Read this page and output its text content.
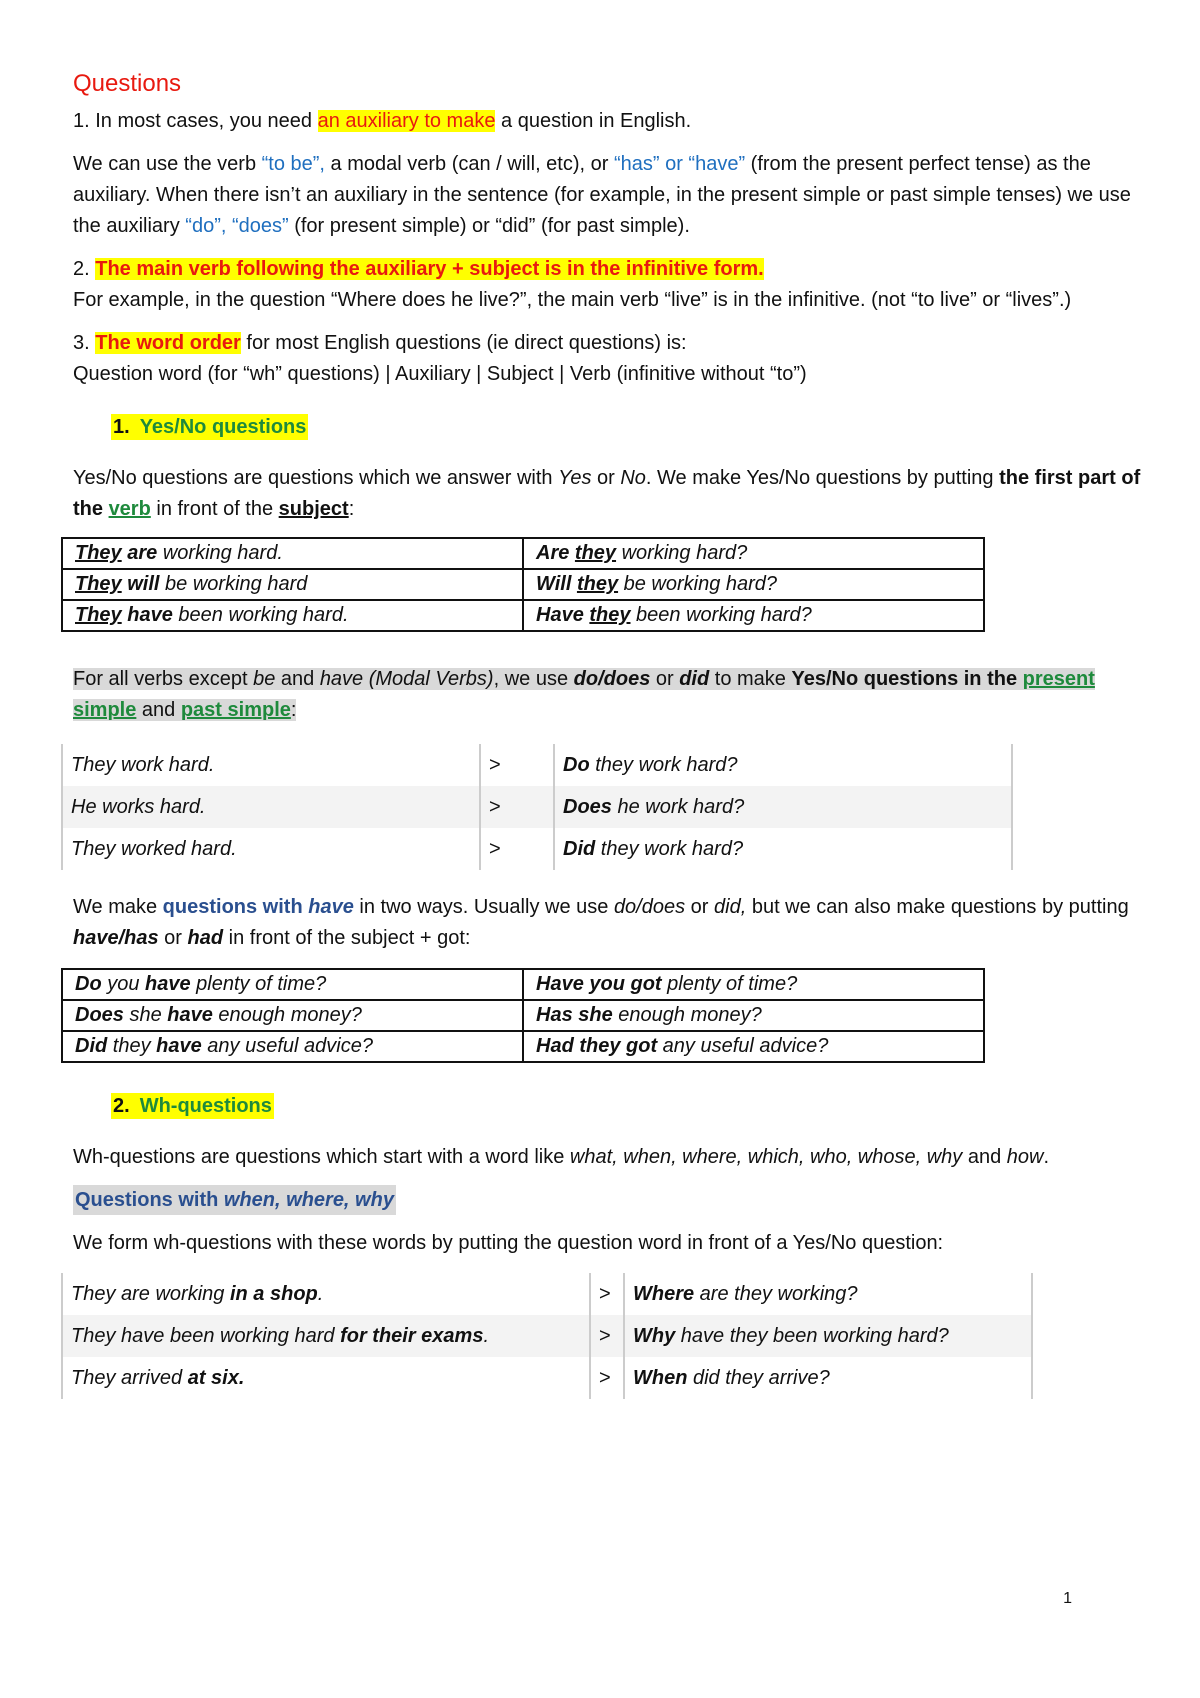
Questions

1. In most cases, you need an auxiliary to make a question in English.

We can use the verb “to be”, a modal verb (can / will, etc), or “has” or “have” (from the present perfect tense) as the auxiliary. When there isn’t an auxiliary in the sentence (for example, in the present simple or past simple tenses) we use the auxiliary “do”, “does” (for present simple) or “did” (for past simple).

2. The main verb following the auxiliary + subject is in the infinitive form.
For example, in the question “Where does he live?”, the main verb “live” is in the infinitive. (not “to live” or “lives”.)

3. The word order for most English questions (ie direct questions) is:
Question word (for “wh” questions) | Auxiliary | Subject | Verb (infinitive without “to”)

1. Yes/No questions

Yes/No questions are questions which we answer with Yes or No. We make Yes/No questions by putting the first part of the verb in front of the subject:

They are working hard.	Are they working hard?
They will be working hard	Will they be working hard?
They have been working hard.	Have they been working hard?

For all verbs except be and have (Modal Verbs), we use do/does or did to make Yes/No questions in the present simple and past simple:

They work hard.	>	Do they work hard?
He works hard.	>	Does he work hard?
They worked hard.	>	Did they work hard?

We make questions with have in two ways. Usually we use do/does or did, but we can also make questions by putting have/has or had in front of the subject + got:

Do you have plenty of time?	Have you got plenty of time?
Does she have enough money?	Has she enough money?
Did they have any useful advice?	Had they got any useful advice?
2. Wh-questions

Wh-questions are questions which start with a word like what, when, where, which, who, whose, why and how.

Questions with when, where, why

We form wh-questions with these words by putting the question word in front of a Yes/No question:

They are working in a shop.	>	Where are they working?
They have been working hard for their exams.	>	Why have they been working hard?
They arrived at six.	>	When did they arrive?
1
